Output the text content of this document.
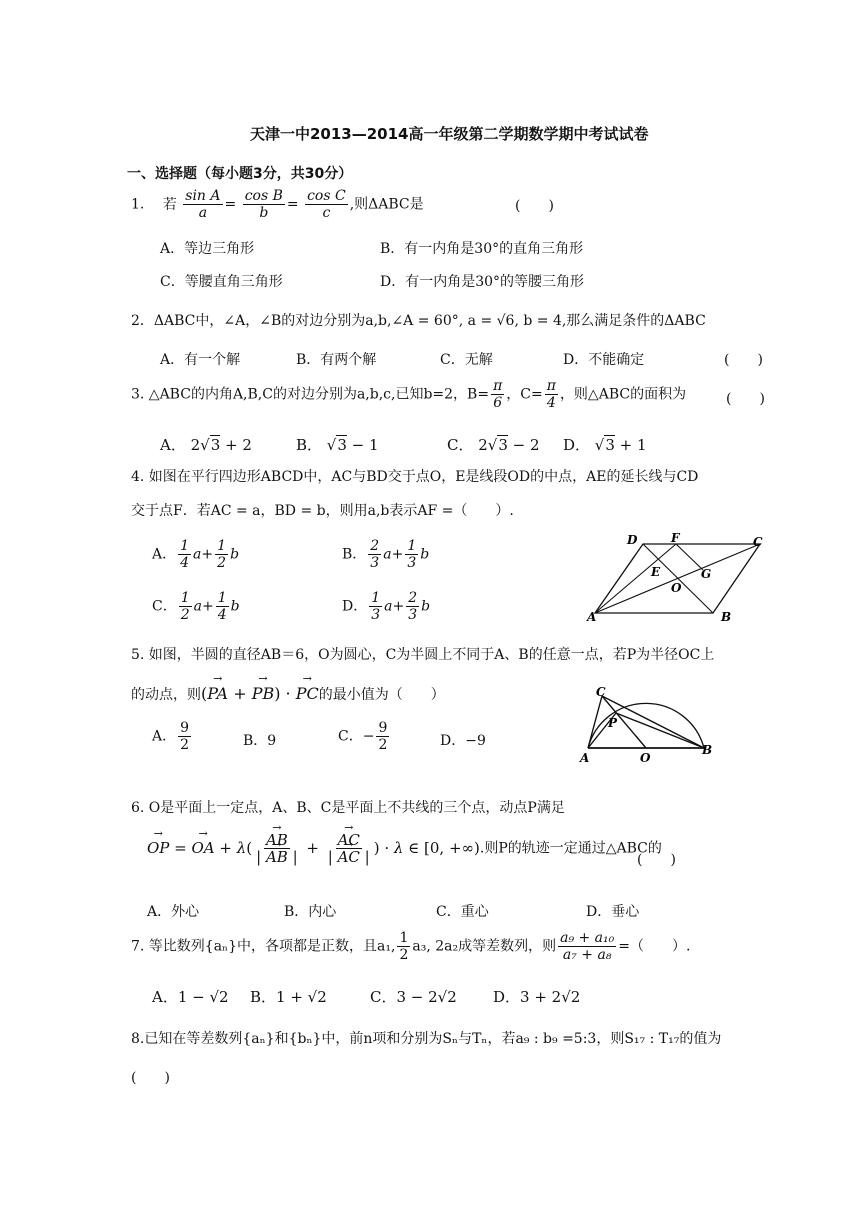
天津一中2013—2014高一年级第二学期数学期中考试试卷
一、选择题（每小题3分，共30分）
1. 若 $\frac{\text{sin A}}{a} = \frac{\text{cos B}}{b} = \frac{\text{cos C}}{c}$ ,则ΔABC是	(　　)
A．等边三角形	B．有一内角是30°的直角三角形
C．等腰直角三角形	D．有一内角是30°的等腰三角形
2．ΔABC中，∠A，∠B的对边分别为a,b,∠A = 60°, a = √6, b = 4,那么满足条件的ΔABC
A．有一个解	B．有两个解	C．无解	D．不能确定	(　　)
3. △ABC的内角A,B,C的对边分别为a,b,c,已知b=2，$B= \frac{\pi}{6}$ ，$C= \frac{\pi}{4}$ ，则△ABC的面积为	(　　)
A． 2√3 + 2	B． √3 − 1	C． 2√3 − 2 D． √3 + 1
4. 如图在平行四边形ABCD中，AC与BD交于点O，E是线段OD的中点，AE的延长线与CD
交于点F．若AC = a，BD = b，则用a,b表示AF =（　　）.
A． $\frac{1}{4} a+ \frac{1}{2}$ b	B． $\frac{2}{3} a+ \frac{1}{3}$ b
C． $\frac{1}{2} a+ \frac{1}{4}$ b	D． $\frac{1}{3} a+ \frac{2}{3}$ b
D	F	C
E	G
O
A	B
5. 如图，半圆的直径AB＝6，O为圆心，C为半圆上不同于A、B的任意一点，若P为半径OC上
的动点，则(→ PA + → PB) · → PC的最小值为（　　）
A． $\frac{9}{2}$	B．9	C．− $\frac{9}{2}$	D．−9
C
P
A	O
B
6. O是平面上一定点，A、B、C是平面上不共线的三个点，动点P满足
→ OP = → OA + λ(
→ $\frac{AB}{| \to AB |}$ +
→ $\frac{AC}{| \to AC |}$ ) · λ ∈ [0, +∞).则P的轨迹一定通过△ABC的
(　　)
A．外心	B．内心	C．重心	D．垂心
7. 等比数列{aₙ}中，各项都是正数，且a₁, $\frac{1}{2} a_3$, 2a₂成等差数列，则 $\frac{\text{a₉ + a₁₀}}{\text{a₇ + a₈}}$ =（　　）.
A．1 − √2 B．1 + √2	C．3 − 2√2 D．3 + 2√2
8.已知在等差数列{aₙ}和{bₙ}中，前n项和分别为Sₙ与Tₙ，若a₉ : b₉ =5:3，则S₁₇ : T₁₇的值为
(　　)
